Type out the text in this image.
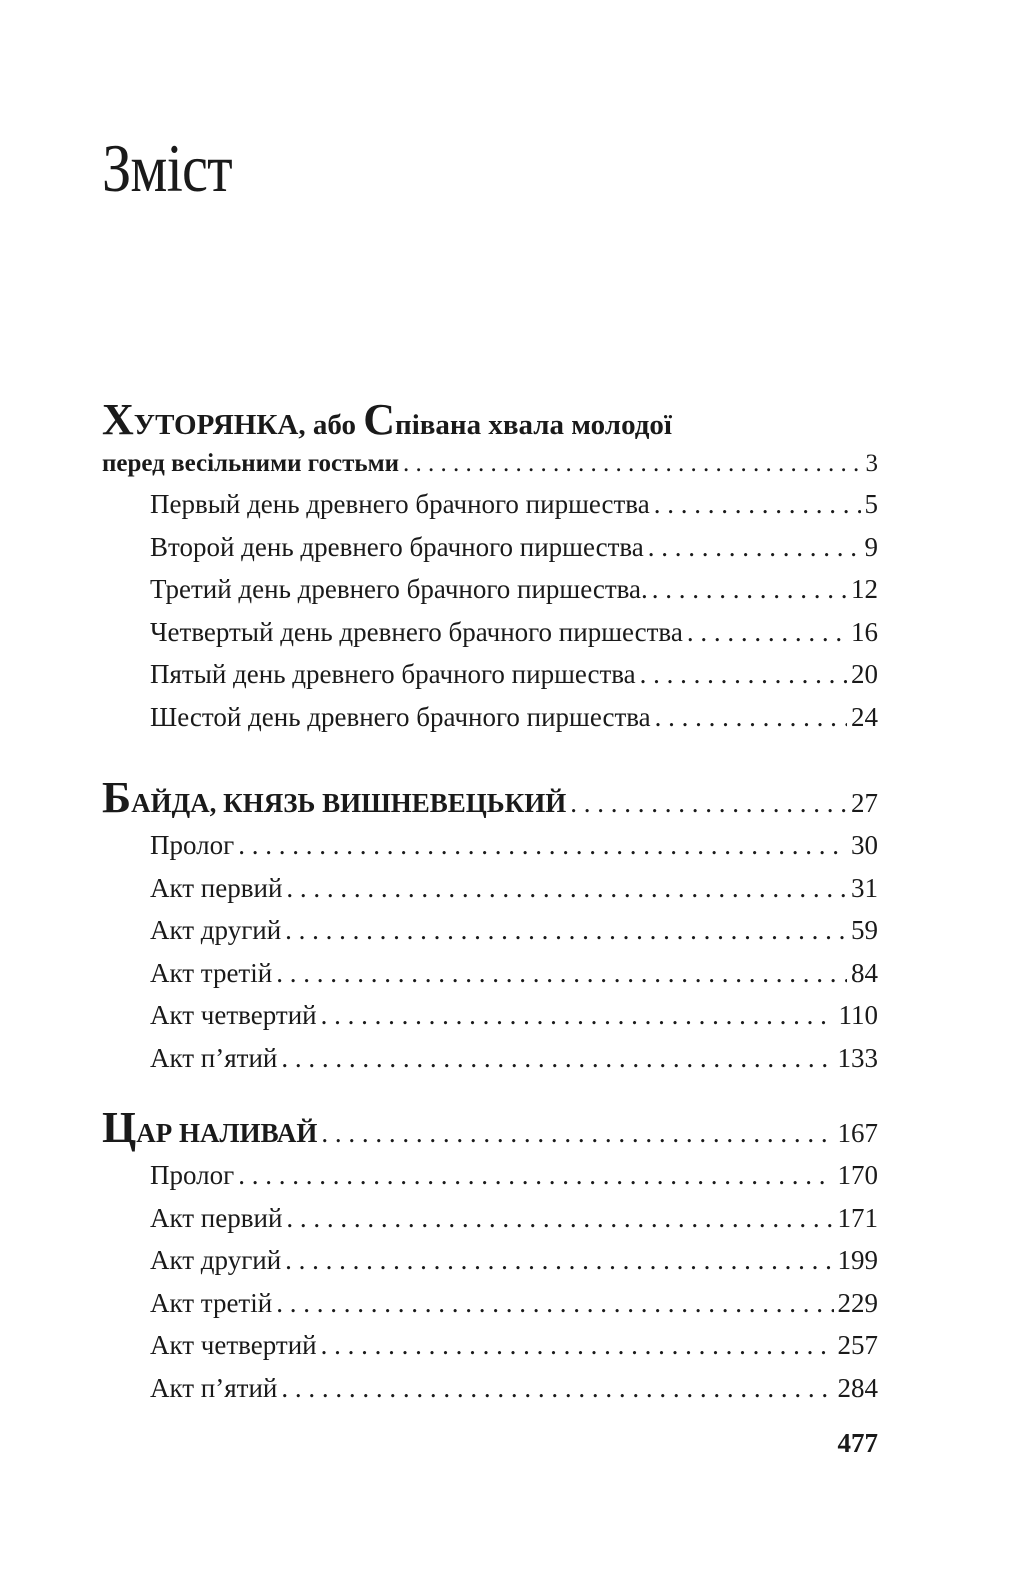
Зміст
ХУТОРЯНКА, або Співана хвала молодої
перед весільними гостьми . . .	3
Первый день древнего брачного пиршества . . .	5
Второй день древнего брачного пиршества . . .	9
Третий день древнего брачного пиршества. . . .	12
Четвертый день древнего брачного пиршества . . .	16
Пятый день древнего брачного пиршества . . .	20
Шестой день древнего брачного пиршества . . .	24
БАЙДА, КНЯЗЬ ВИШНЕВЕЦЬКИЙ . . .	27
Пролог . . .	30
Акт первий . . .	31
Акт другий . . .	59
Акт третій . . .	84
Акт четвертий . . .	110
Акт п’ятий . . .	133
ЦАР НАЛИВАЙ . . .	167
Пролог . . .	170
Акт первий . . .	171
Акт другий . . .	199
Акт третій . . .	229
Акт четвертий . . .	257
Акт п’ятий . . .	284
477
